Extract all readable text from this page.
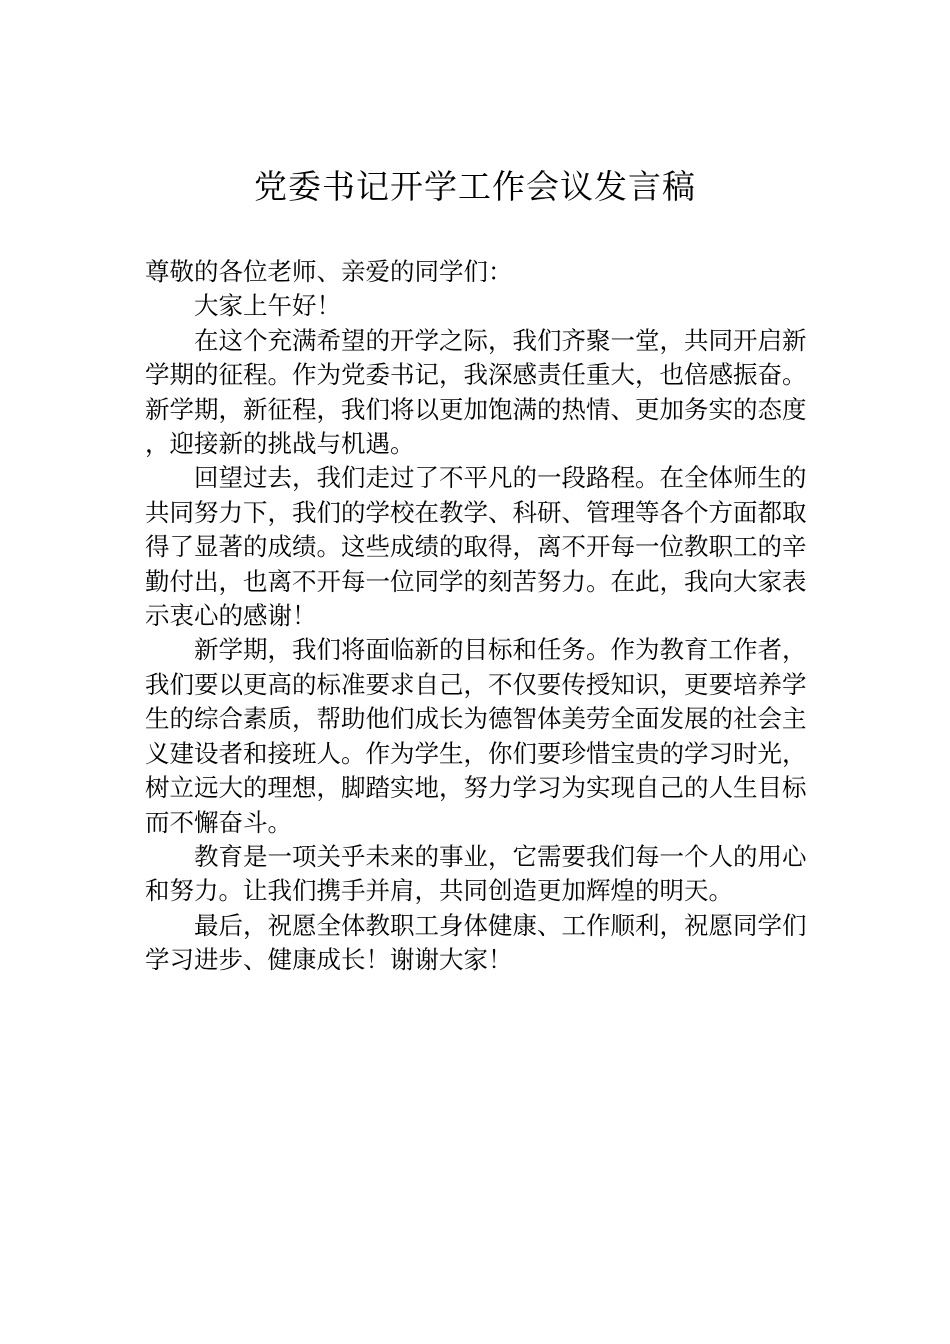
党委书记开学工作会议发言稿

尊敬的各位老师、亲爱的同学们：

大家上午好！

在这个充满希望的开学之际，我们齐聚一堂，共同开启新学期的征程。作为党委书记，我深感责任重大，也倍感振奋。新学期，新征程，我们将以更加饱满的热情、更加务实的态度，迎接新的挑战与机遇。

回望过去，我们走过了不平凡的一段路程。在全体师生的共同努力下，我们的学校在教学、科研、管理等各个方面都取得了显著的成绩。这些成绩的取得，离不开每一位教职工的辛勤付出，也离不开每一位同学的刻苦努力。在此，我向大家表示衷心的感谢！

新学期，我们将面临新的目标和任务。作为教育工作者，我们要以更高的标准要求自己，不仅要传授知识，更要培养学生的综合素质，帮助他们成长为德智体美劳全面发展的社会主义建设者和接班人。作为学生，你们要珍惜宝贵的学习时光，树立远大的理想，脚踏实地，努力学习为实现自己的人生目标而不懈奋斗。

教育是一项关乎未来的事业，它需要我们每一个人的用心和努力。让我们携手并肩，共同创造更加辉煌的明天。

最后，祝愿全体教职工身体健康、工作顺利，祝愿同学们学习进步、健康成长！谢谢大家！
